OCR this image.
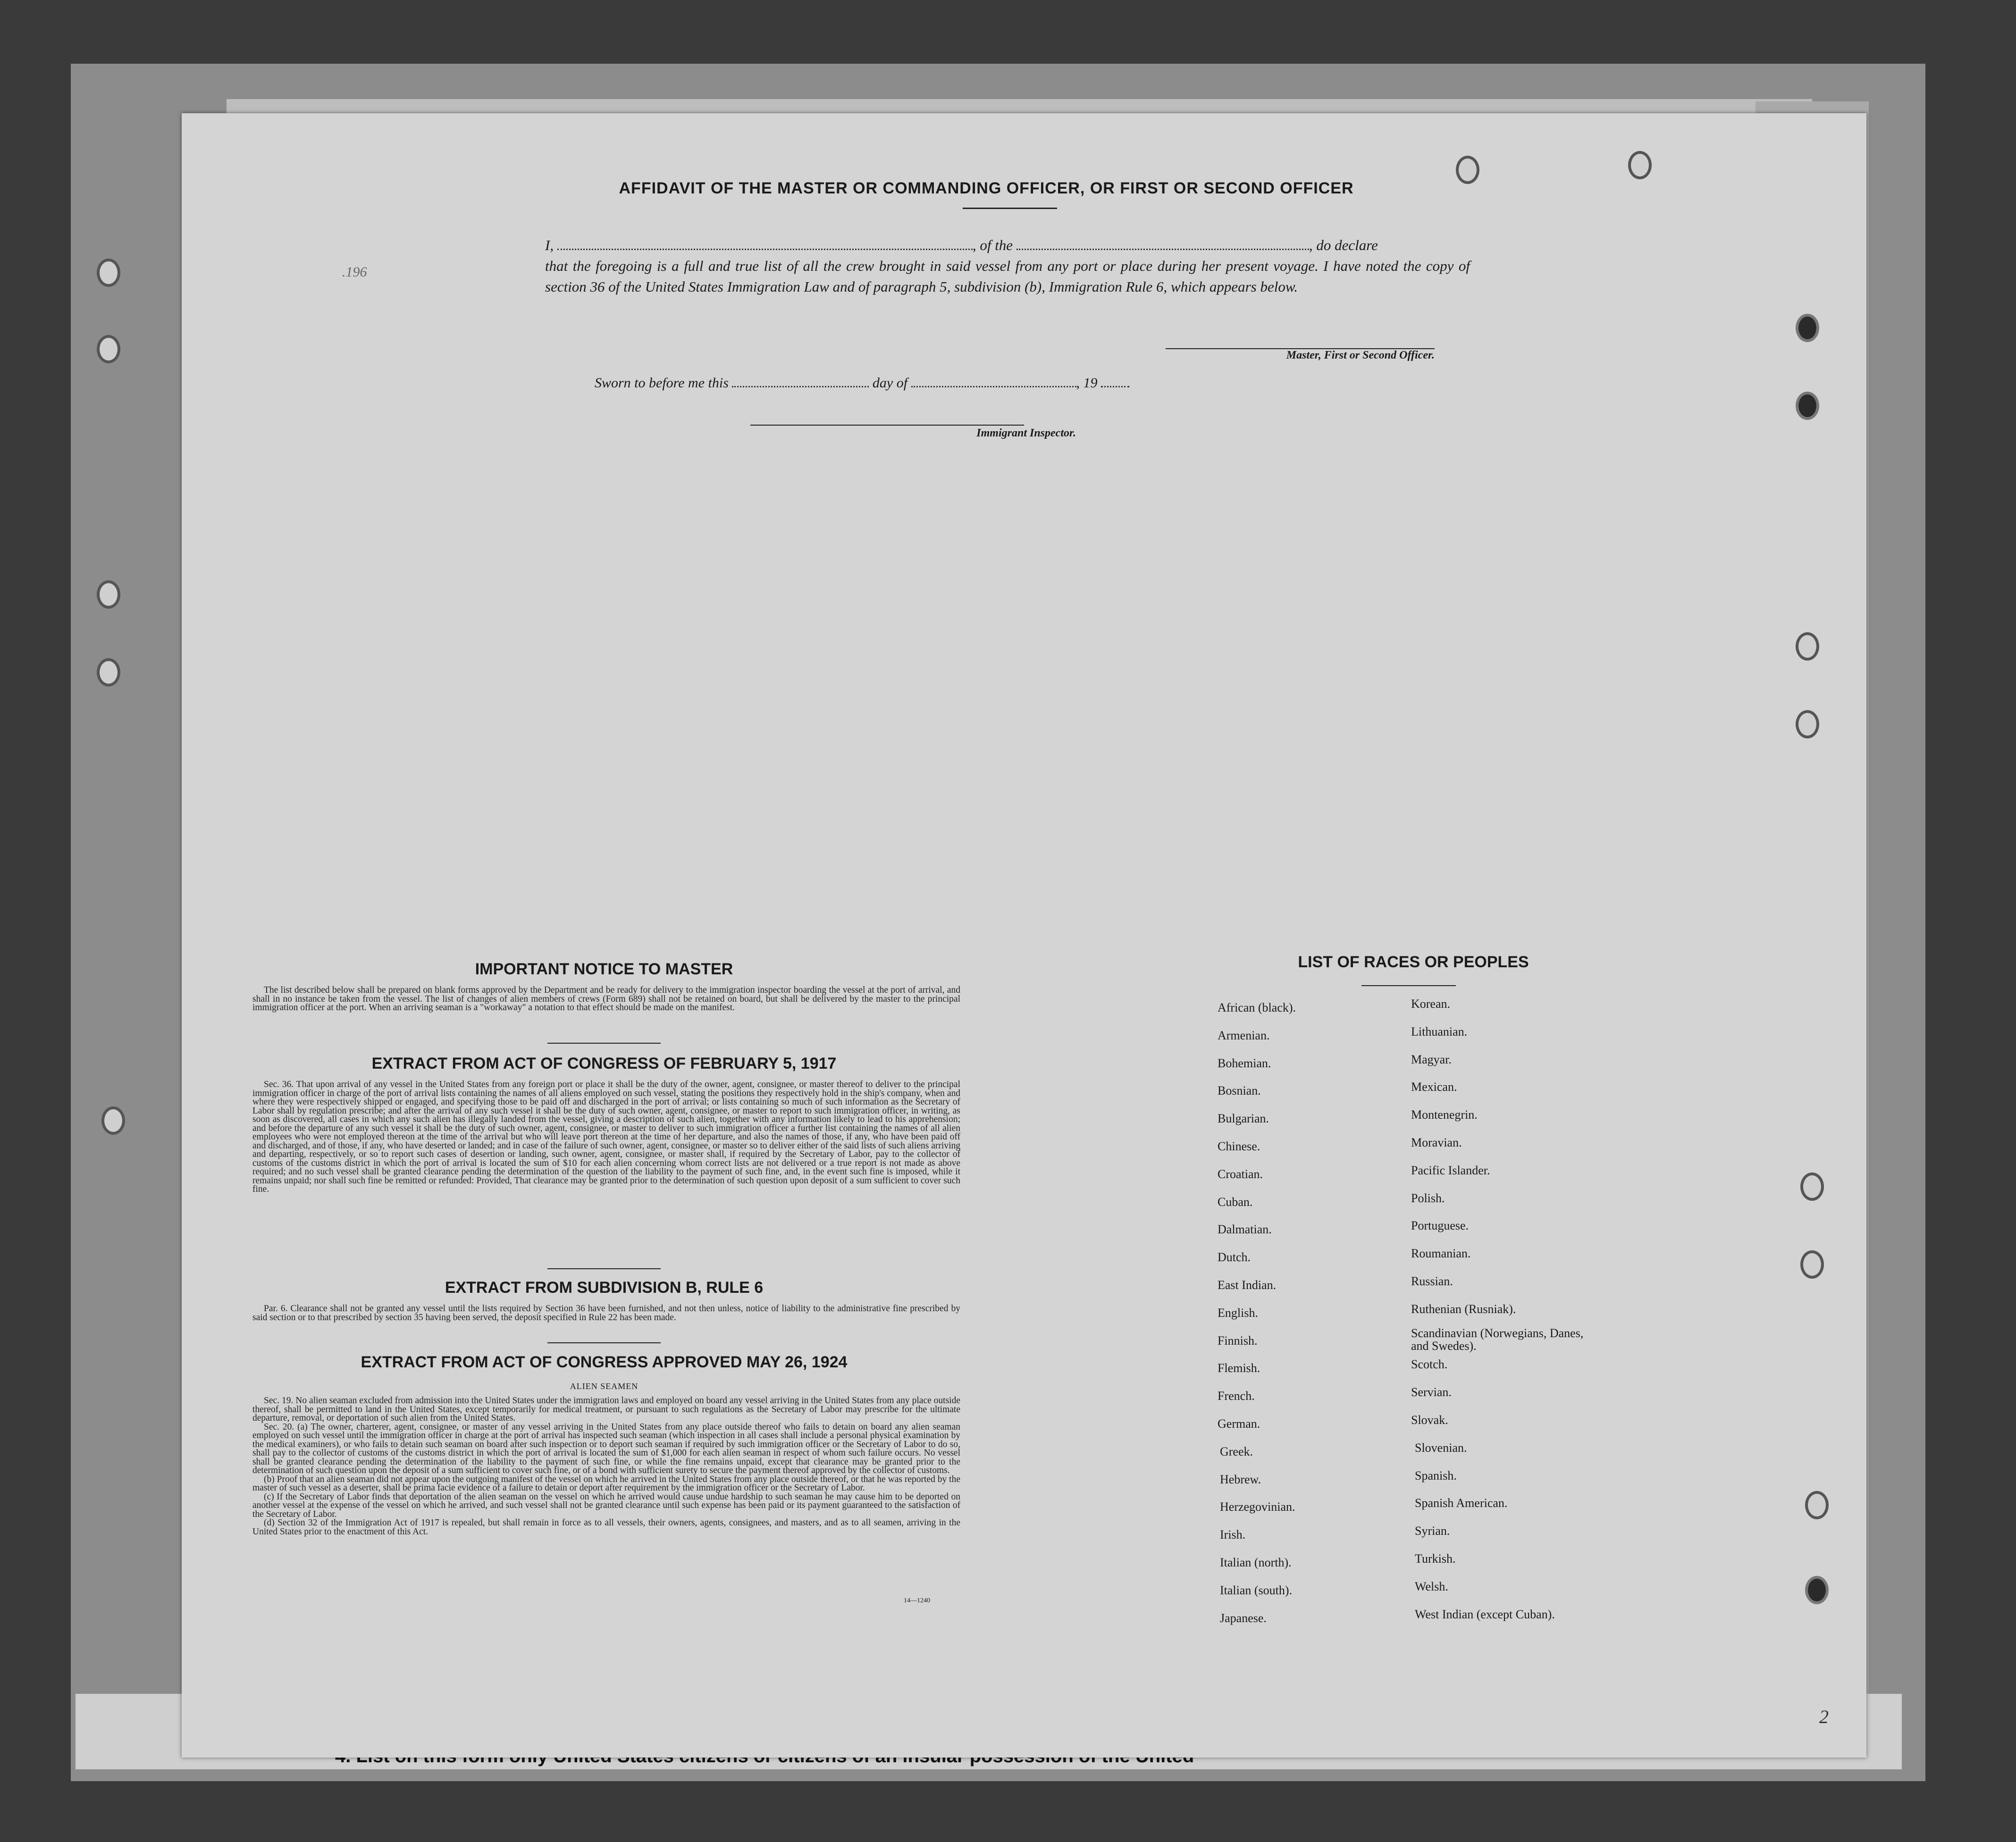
.196
AFFIDAVIT OF THE MASTER OR COMMANDING OFFICER, OR FIRST OR SECOND OFFICER

I,	, of the	, do declare

that the foregoing is a full and true list of all the crew brought in said vessel from any port or place during her present voyage. I have noted the copy of section 36 of the United States Immigration Law and of paragraph 5, subdivision (b), Immigration Rule 6, which appears below.

Master, First or Second Officer.
Sworn to before me this	day of	, 19
Immigrant Inspector.
IMPORTANT NOTICE TO MASTER

The list described below shall be prepared on blank forms approved by the Department and be ready for delivery to the immigration inspector boarding the vessel at the port of arrival, and shall in no instance be taken from the vessel. The list of changes of alien members of crews (Form 689) shall not be retained on board, but shall be delivered by the master to the principal immigration officer at the port. When an arriving seaman is a "workaway" a notation to that effect should be made on the manifest.

EXTRACT FROM ACT OF CONGRESS OF FEBRUARY 5, 1917

Sec. 36. That upon arrival of any vessel in the United States from any foreign port or place it shall be the duty of the owner, agent, consignee, or master thereof to deliver to the principal immigration officer in charge of the port of arrival lists containing the names of all aliens employed on such vessel, stating the positions they respectively hold in the ship's company, when and where they were respectively shipped or engaged, and specifying those to be paid off and discharged in the port of arrival; or lists containing so much of such information as the Secretary of Labor shall by regulation prescribe; and after the arrival of any such vessel it shall be the duty of such owner, agent, consignee, or master to report to such immigration officer, in writing, as soon as discovered, all cases in which any such alien has illegally landed from the vessel, giving a description of such alien, together with any information likely to lead to his apprehension; and before the departure of any such vessel it shall be the duty of such owner, agent, consignee, or master to deliver to such immigration officer a further list containing the names of all alien employees who were not employed thereon at the time of the arrival but who will leave port thereon at the time of her departure, and also the names of those, if any, who have been paid off and discharged, and of those, if any, who have deserted or landed; and in case of the failure of such owner, agent, consignee, or master so to deliver either of the said lists of such aliens arriving and departing, respectively, or so to report such cases of desertion or landing, such owner, agent, consignee, or master shall, if required by the Secretary of Labor, pay to the collector of customs of the customs district in which the port of arrival is located the sum of $10 for each alien concerning whom correct lists are not delivered or a true report is not made as above required; and no such vessel shall be granted clearance pending the determination of the question of the liability to the payment of such fine, and, in the event such fine is imposed, while it remains unpaid; nor shall such fine be remitted or refunded: Provided, That clearance may be granted prior to the determination of such question upon deposit of a sum sufficient to cover such fine.

EXTRACT FROM SUBDIVISION B, RULE 6

Par. 6. Clearance shall not be granted any vessel until the lists required by Section 36 have been furnished, and not then unless, notice of liability to the administrative fine prescribed by said section or to that prescribed by section 35 having been served, the deposit specified in Rule 22 has been made.

EXTRACT FROM ACT OF CONGRESS APPROVED MAY 26, 1924
ALIEN SEAMEN

Sec. 19. No alien seaman excluded from admission into the United States under the immigration laws and employed on board any vessel arriving in the United States from any place outside thereof, shall be permitted to land in the United States, except temporarily for medical treatment, or pursuant to such regulations as the Secretary of Labor may prescribe for the ultimate departure, removal, or deportation of such alien from the United States.

Sec. 20. (a) The owner, charterer, agent, consignee, or master of any vessel arriving in the United States from any place outside thereof who fails to detain on board any alien seaman employed on such vessel until the immigration officer in charge at the port of arrival has inspected such seaman (which inspection in all cases shall include a personal physical examination by the medical examiners), or who fails to detain such seaman on board after such inspection or to deport such seaman if required by such immigration officer or the Secretary of Labor to do so, shall pay to the collector of customs of the customs district in which the port of arrival is located the sum of $1,000 for each alien seaman in respect of whom such failure occurs. No vessel shall be granted clearance pending the determination of the liability to the payment of such fine, or while the fine remains unpaid, except that clearance may be granted prior to the determination of such question upon the deposit of a sum sufficient to cover such fine, or of a bond with sufficient surety to secure the payment thereof approved by the collector of customs.

(b) Proof that an alien seaman did not appear upon the outgoing manifest of the vessel on which he arrived in the United States from any place outside thereof, or that he was reported by the master of such vessel as a deserter, shall be prima facie evidence of a failure to detain or deport after requirement by the immigration officer or the Secretary of Labor.

(c) If the Secretary of Labor finds that deportation of the alien seaman on the vessel on which he arrived would cause undue hardship to such seaman he may cause him to be deported on another vessel at the expense of the vessel on which he arrived, and such vessel shall not be granted clearance until such expense has been paid or its payment guaranteed to the satisfaction of the Secretary of Labor.

(d) Section 32 of the Immigration Act of 1917 is repealed, but shall remain in force as to all vessels, their owners, agents, consignees, and masters, and as to all seamen, arriving in the United States prior to the enactment of this Act.

14—1240
LIST OF RACES OR PEOPLES
African (black).
Armenian.
Bohemian.
Bosnian.
Bulgarian.
Chinese.
Croatian.
Cuban.
Dalmatian.
Dutch.
East Indian.
English.
Finnish.
Flemish.
French.
German.
Greek.
Hebrew.
Herzegovinian.
Irish.
Italian (north).
Italian (south).
Japanese.
Korean.
Lithuanian.
Magyar.
Mexican.
Montenegrin.
Moravian.
Pacific Islander.
Polish.
Portuguese.
Roumanian.
Russian.
Ruthenian (Rusniak).
Scandinavian (Norwegians, Danes, and Swedes).
Scotch.
Servian.
Slovak.
Slovenian.
Spanish.
Spanish American.
Syrian.
Turkish.
Welsh.
West Indian (except Cuban).
2
